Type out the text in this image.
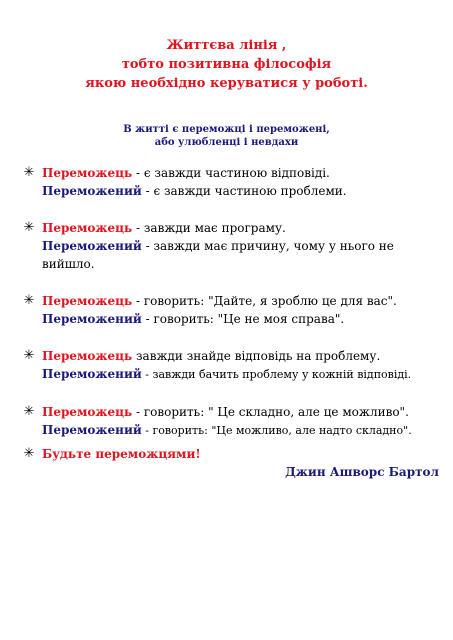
Життєва лінія ,
тобто позитивна філософія
якою необхідно керуватися у роботі.
В житті є переможці і переможені,
або улюбленці і невдахи
✳ Переможець - є завжди частиною відповіді.
Переможений - є завжди частиною проблеми.
✳ Переможець - завжди має програму.
Переможений - завжди має причину, чому у нього не вийшло.
✳ Переможець - говорить: "Дайте, я зроблю це для вас".
Переможений - говорить: "Це не моя справа".
✳ Переможець завжди знайде відповідь на проблему.
Переможений - завжди бачить проблему у кожній відповіді.
✳ Переможець - говорить: " Це складно, але це можливо".
Переможений - говорить: "Це можливо, але надто складно".
✳ Будьте переможцями!
Джин Ашворс Бартол
